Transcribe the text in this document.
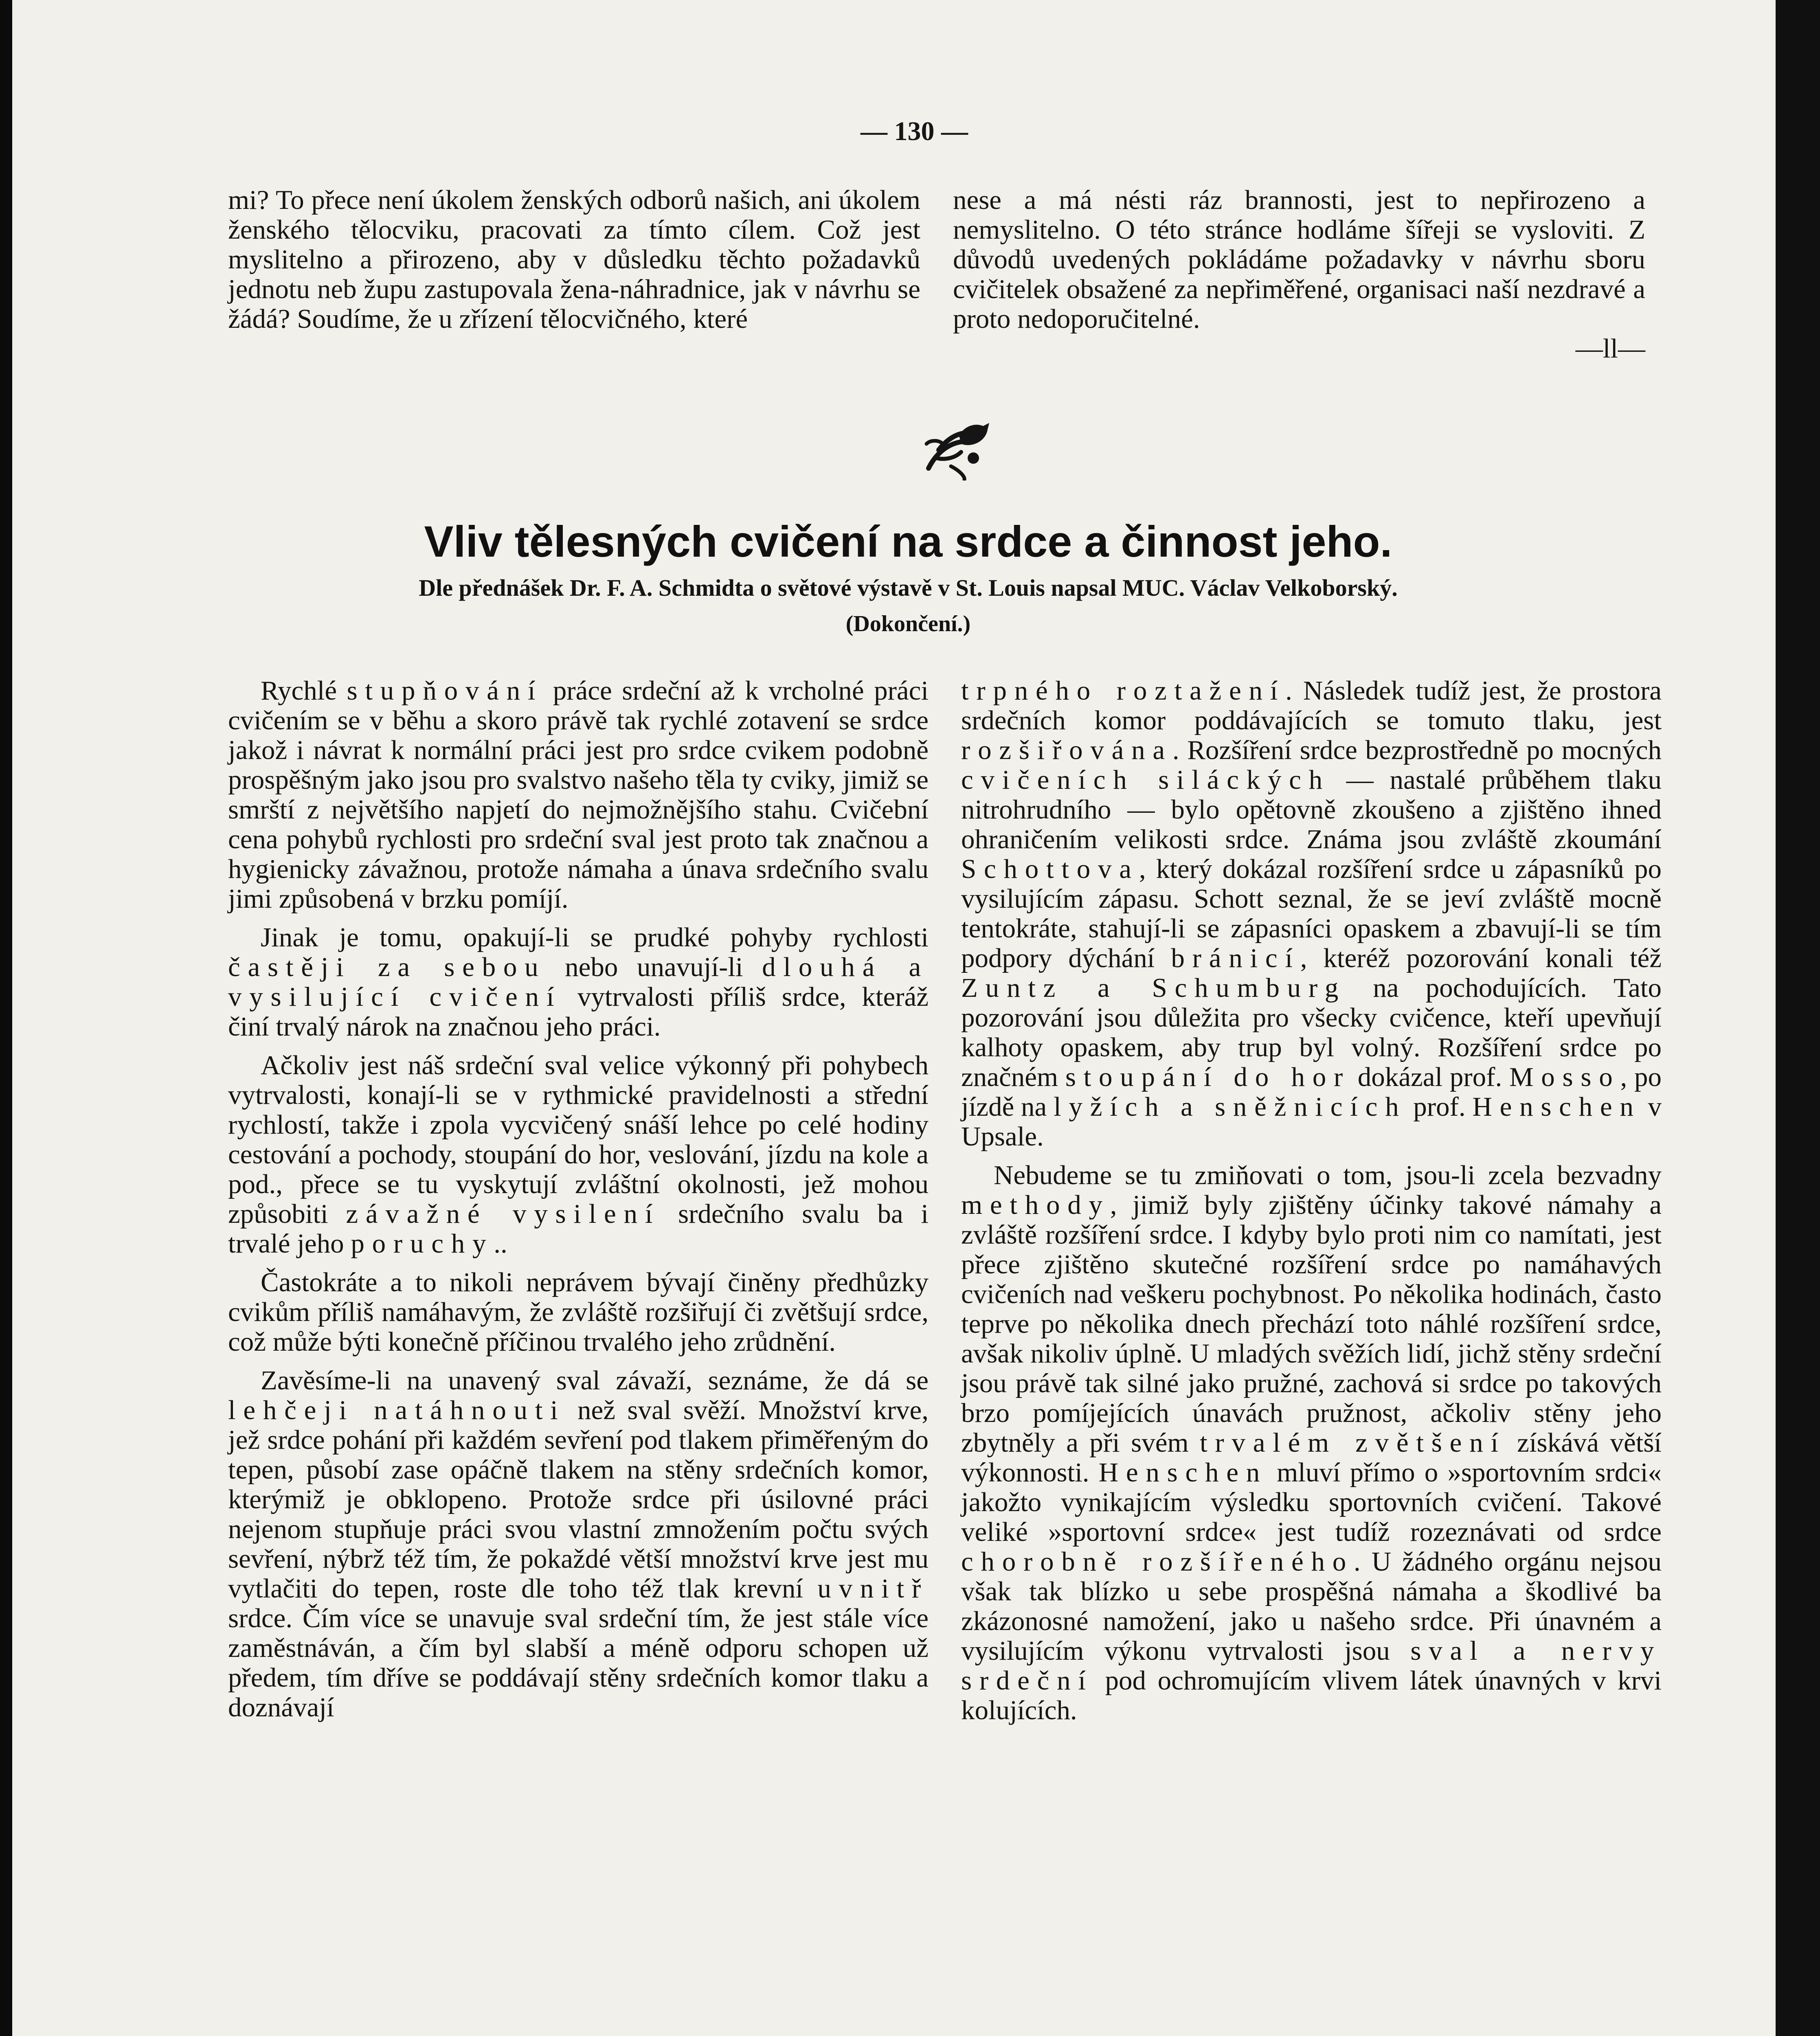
— 130 —

mi? To přece není úkolem ženských odborů našich, ani úkolem ženského tělocviku, pracovati za tímto cílem. Což jest myslitelno a přirozeno, aby v důsledku těchto požadavků jednotu neb župu zastupovala žena-náhradnice, jak v návrhu se žádá? Soudíme, že u zřízení tělocvičného, které

nese a má nésti ráz brannosti, jest to nepřirozeno a nemyslitelno. O této stránce hodláme šířeji se vysloviti. Z důvodů uvedených pokládáme požadavky v návrhu sboru cvičitelek obsažené za nepřiměřené, organisaci naší nezdravé a proto nedoporučitelné.
—ll—

Vliv tělesných cvičení na srdce a činnost jeho.
Dle přednášek Dr. F. A. Schmidta o světové výstavě v St. Louis napsal MUC. Václav Velkoborský.
(Dokončení.)

Rychlé stupňování práce srdeční až k vrcholné práci cvičením se v běhu a skoro právě tak rychlé zotavení se srdce jakož i návrat k normální práci jest pro srdce cvikem podobně prospěšným jako jsou pro svalstvo našeho těla ty cviky, jimiž se smrští z největšího napjetí do nejmožnějšího stahu. Cvičební cena pohybů rychlosti pro srdeční sval jest proto tak značnou a hygienicky závažnou, protože námaha a únava srdečního svalu jimi způsobená v brzku pomíjí.

Jinak je tomu, opakují-li se prudké pohyby rychlosti častěji za sebou nebo unavují-li dlouhá a vysilující cvičení vytrvalosti příliš srdce, kteráž činí trvalý nárok na značnou jeho práci.

Ačkoliv jest náš srdeční sval velice výkonný při pohybech vytrvalosti, konají-li se v rythmické pravidelnosti a střední rychlostí, takže i zpola vycvičený snáší lehce po celé hodiny cestování a pochody, stoupání do hor, veslování, jízdu na kole a pod., přece se tu vyskytují zvláštní okolnosti, jež mohou způsobiti závažné vysilení srdečního svalu ba i trvalé jeho poruchy..

Častokráte a to nikoli neprávem bývají činěny předhůzky cvikům příliš namáhavým, že zvláště rozšiřují či zvětšují srdce, což může býti konečně příčinou trvalého jeho zrůdnění.

Zavěsíme-li na unavený sval závaží, seznáme, že dá se lehčeji natáhnouti než sval svěží. Množství krve, jež srdce pohání při každém sevření pod tlakem přiměřeným do tepen, působí zase opáčně tlakem na stěny srdečních komor, kterýmiž je obklopeno. Protože srdce při úsilovné práci nejenom stupňuje práci svou vlastní zmnožením počtu svých sevření, nýbrž též tím, že pokaždé větší množství krve jest mu vytlačiti do tepen, roste dle toho též tlak krevní uvnitř srdce. Čím více se unavuje sval srdeční tím, že jest stále více zaměstnáván, a čím byl slabší a méně odporu schopen už předem, tím dříve se poddávají stěny srdečních komor tlaku a doznávají

trpného roztažení. Následek tudíž jest, že prostora srdečních komor poddávajících se tomuto tlaku, jest rozšiřována. Rozšíření srdce bezprostředně po mocných cvičeních siláckých — nastalé průběhem tlaku nitrohrudního — bylo opětovně zkoušeno a zjištěno ihned ohraničením velikosti srdce. Známa jsou zvláště zkoumání Schottova, který dokázal rozšíření srdce u zápasníků po vysilujícím zápasu. Schott seznal, že se jeví zvláště mocně tentokráte, stahují-li se zápasníci opaskem a zbavují-li se tím podpory dýchání bránicí, kteréž pozorování konali též Zuntz a Schumburg na pochodujících. Tato pozorování jsou důležita pro všecky cvičence, kteří upevňují kalhoty opaskem, aby trup byl volný. Rozšíření srdce po značném stoupání do hor dokázal prof. Mosso, po jízdě na lyžích a sněžnicích prof. Henschen v Upsale.

Nebudeme se tu zmiňovati o tom, jsou-li zcela bezvadny methody, jimiž byly zjištěny účinky takové námahy a zvláště rozšíření srdce. I kdyby bylo proti nim co namítati, jest přece zjištěno skutečné rozšíření srdce po namáhavých cvičeních nad veškeru pochybnost. Po několika hodinách, často teprve po několika dnech přechází toto náhlé rozšíření srdce, avšak nikoliv úplně. U mladých svěžích lidí, jichž stěny srdeční jsou právě tak silné jako pružné, zachová si srdce po takových brzo pomíjejících únavách pružnost, ačkoliv stěny jeho zbytněly a při svém trvalém zvětšení získává větší výkonnosti. Henschen mluví přímo o »sportovním srdci« jakožto vynikajícím výsledku sportovních cvičení. Takové veliké »sportovní srdce« jest tudíž rozeznávati od srdce chorobně rozšířeného. U žádného orgánu nejsou však tak blízko u sebe prospěšná námaha a škodlivé ba zkázonosné namožení, jako u našeho srdce. Při únavném a vysilujícím výkonu vytrvalosti jsou sval a nervy srdeční pod ochromujícím vlivem látek únavných v krvi kolujících.
